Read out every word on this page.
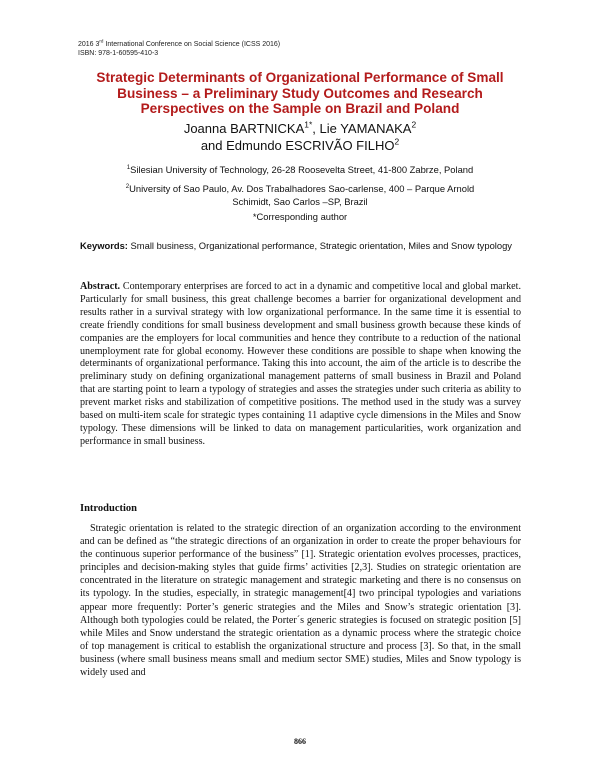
2016 3rd International Conference on Social Science (ICSS 2016)
ISBN: 978-1-60595-410-3
Strategic Determinants of Organizational Performance of Small
Business – a Preliminary Study Outcomes and Research
Perspectives on the Sample on Brazil and Poland
Joanna $BARTNICKA^{1*}$, Lie YAMANAKA$^2$
and Edmundo ESCRIVÃO FILHO$^2$
$^1$Silesian University of Technology, 26-28 Roosevelta Street, 41-800 Zabrze, Poland
$^2$University of Sao Paulo, Av. Dos Trabalhadores Sao-carlense, 400 – Parque Arnold
Schimidt, Sao Carlos –SP, Brazil
*Corresponding author
Keywords: Small business, Organizational performance, Strategic orientation, Miles and Snow typology
Abstract. Contemporary enterprises are forced to act in a dynamic and competitive local and global market. Particularly for small business, this great challenge becomes a barrier for organizational development and results rather in a survival strategy with low organizational performance. In the same time it is essential to create friendly conditions for small business development and small business growth because these kinds of companies are the employers for local communities and hence they contribute to a reduction of the national unemployment rate for global economy. However these conditions are possible to shape when knowing the determinants of organizational performance. Taking this into account, the aim of the article is to describe the preliminary study on defining organizational management patterns of small business in Brazil and Poland that are starting point to learn a typology of strategies and asses the strategies under such criteria as ability to prevent market risks and stabilization of competitive positions. The method used in the study was a survey based on multi-item scale for strategic types containing 11 adaptive cycle dimensions in the Miles and Snow typology. These dimensions will be linked to data on management particularities, work organization and performance in small business.
Introduction
Strategic orientation is related to the strategic direction of an organization according to the environment and can be defined as “the strategic directions of an organization in order to create the proper behaviours for the continuous superior performance of the business” [1]. Strategic orientation evolves processes, practices, principles and decision-making styles that guide firms’ activities [2,3]. Studies on strategic orientation are concentrated in the literature on strategic management and strategic marketing and there is no consensus on its typology. In the studies, especially, in strategic management[4] two principal typologies and variations appear more frequently: Porter’s generic strategies and the Miles and Snow’s strategic orientation [3]. Although both typologies could be related, the Porter´s generic strategies is focused on strategic position [5] while Miles and Snow understand the strategic orientation as a dynamic process where the strategic choice of top management is critical to establish the organizational structure and process [3]. So that, in the small business (where small business means small and medium sector SME) studies, Miles and Snow typology is widely used and
866
